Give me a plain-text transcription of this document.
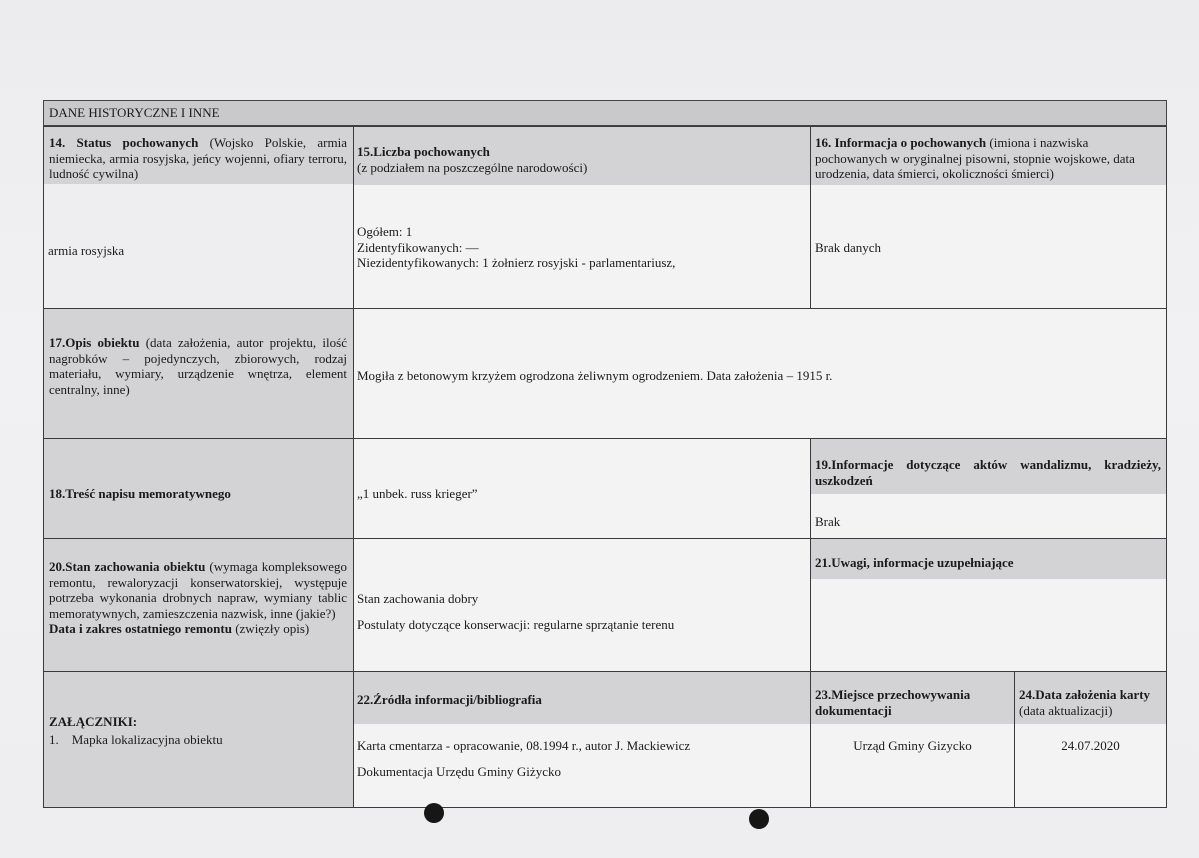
DANE HISTORYCZNE I INNE
14. Status pochowanych (Wojsko Polskie, armia niemiecka, armia rosyjska, jeńcy wojenni, ofiary terroru, ludność cywilna)
armia rosyjska
15.Liczba pochowanych
(z podziałem na poszczególne narodowości)
Ogółem: 1
Zidentyfikowanych: —
Niezidentyfikowanych: 1 żołnierz rosyjski - parlamentariusz,
16. Informacja o pochowanych (imiona i nazwiska pochowanych w oryginalnej pisowni, stopnie wojskowe, data urodzenia, data śmierci, okoliczności śmierci)
Brak danych
17.Opis obiektu (data założenia, autor projektu, ilość nagrobków – pojedynczych, zbiorowych, rodzaj materiału, wymiary, urządzenie wnętrza, element centralny, inne)
Mogiła z betonowym krzyżem ogrodzona żeliwnym ogrodzeniem. Data założenia – 1915 r.
18.Treść napisu memoratywnego	„1 unbek. russ krieger”
19.Informacje dotyczące aktów wandalizmu, kradzieży, uszkodzeń
Brak
20.Stan zachowania obiektu (wymaga kompleksowego remontu, rewaloryzacji konserwatorskiej, występuje potrzeba wykonania drobnych napraw, wymiany tablic memoratywnych, zamieszczenia nazwisk, inne (jakie?)
Data i zakres ostatniego remontu (zwięzły opis)
Stan zachowania dobry
Postulaty dotyczące konserwacji: regularne sprzątanie terenu
21.Uwagi, informacje uzupełniające
ZAŁĄCZNIKI:
1.    Mapka lokalizacyjna obiektu
22.Źródła informacji/bibliografia
Karta cmentarza - opracowanie, 08.1994 r., autor J. Mackiewicz
Dokumentacja Urzędu Gminy Giżycko
23.Miejsce przechowywania dokumentacji
Urząd Gminy Gizycko
24.Data założenia karty (data aktualizacji)
24.07.2020
